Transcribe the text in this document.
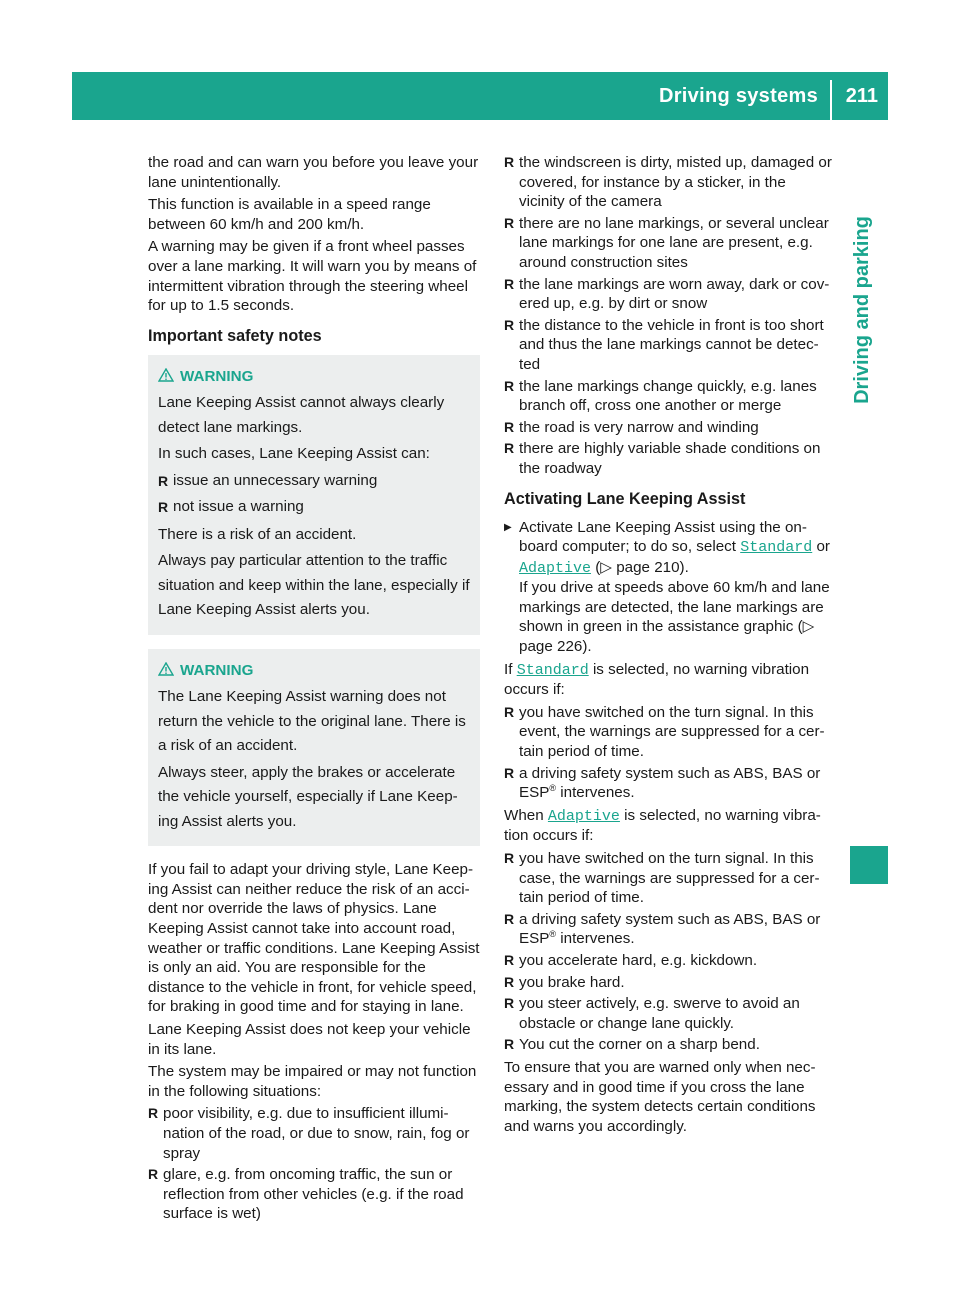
Driving systems 211
Driving and parking

the road and can warn you before you leave your lane unintentionally.

This function is available in a speed range between 60 km/h and 200 km/h.

A warning may be given if a front wheel passes over a lane marking. It will warn you by means of intermittent vibration through the steering wheel for up to 1.5 seconds.

Important safety notes
WARNING

Lane Keeping Assist cannot always clearly detect lane markings.

In such cases, Lane Keeping Assist can:

R issue an unnecessary warning
R not issue a warning

There is a risk of an accident.

Always pay particular attention to the traffic situation and keep within the lane, especially if Lane Keeping Assist alerts you.

WARNING

The Lane Keeping Assist warning does not return the vehicle to the original lane. There is a risk of an accident.

Always steer, apply the brakes or accelerate the vehicle yourself, especially if Lane Keep-ing Assist alerts you.

If you fail to adapt your driving style, Lane Keep-ing Assist can neither reduce the risk of an acci-dent nor override the laws of physics. Lane Keeping Assist cannot take into account road, weather or traffic conditions. Lane Keeping Assist is only an aid. You are responsible for the distance to the vehicle in front, for vehicle speed, for braking in good time and for staying in lane.

Lane Keeping Assist does not keep your vehicle in its lane.

The system may be impaired or may not function in the following situations:

R poor visibility, e.g. due to insufficient illumi-nation of the road, or due to snow, rain, fog or spray
R glare, e.g. from oncoming traffic, the sun or reflection from other vehicles (e.g. if the road surface is wet)
R the windscreen is dirty, misted up, damaged or covered, for instance by a sticker, in the vicinity of the camera
R there are no lane markings, or several unclear lane markings for one lane are present, e.g. around construction sites
R the lane markings are worn away, dark or cov-ered up, e.g. by dirt or snow
R the distance to the vehicle in front is too short and thus the lane markings cannot be detec-ted
R the lane markings change quickly, e.g. lanes branch off, cross one another or merge
R the road is very narrow and winding
R there are highly variable shade conditions on the roadway
Activating Lane Keeping Assist
▶ Activate Lane Keeping Assist using the on-board computer; to do so, select Standard or Adaptive (▷ page 210).
If you drive at speeds above 60 km/h and lane markings are detected, the lane markings are shown in green in the assistance graphic (▷ page 226).

If Standard is selected, no warning vibration occurs if:

R you have switched on the turn signal. In this event, the warnings are suppressed for a cer-tain period of time.
R a driving safety system such as ABS, BAS or ESP® intervenes.

When Adaptive is selected, no warning vibra-tion occurs if:

R you have switched on the turn signal. In this case, the warnings are suppressed for a cer-tain period of time.
R a driving safety system such as ABS, BAS or ESP® intervenes.
R you accelerate hard, e.g. kickdown.
R you brake hard.
R you steer actively, e.g. swerve to avoid an obstacle or change lane quickly.
R You cut the corner on a sharp bend.

To ensure that you are warned only when nec-essary and in good time if you cross the lane marking, the system detects certain conditions and warns you accordingly.
